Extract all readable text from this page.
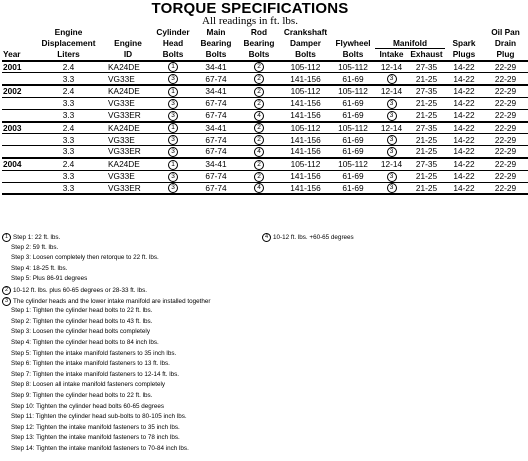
TORQUE SPECIFICATIONS
All readings in ft. lbs.
	Engine		Cylinder	Main	Rod	Crankshaft					Oil Pan
	Displacement	Engine	Head	Bearing	Bearing	Damper	Flywheel	Manifold		Spark	Drain
Year	Liters	ID	Bolts	Bolts	Bolts	Bolts	Bolts	Intake	Exhaust	Plugs	Plug
2001	2.4	KA24DE	1	34-41	2	105-112	105-112	12-14	27-35	14-22	22-29
	3.3	VG33E	3	67-74	2	141-156	61-69	3	21-25	14-22	22-29
2002	2.4	KA24DE	1	34-41	2	105-112	105-112	12-14	27-35	14-22	22-29
	3.3	VG33E	3	67-74	2	141-156	61-69	3	21-25	14-22	22-29
	3.3	VG33ER	3	67-74	4	141-156	61-69	3	21-25	14-22	22-29
2003	2.4	KA24DE	1	34-41	2	105-112	105-112	12-14	27-35	14-22	22-29
	3.3	VG33E	3	67-74	2	141-156	61-69	3	21-25	14-22	22-29
	3.3	VG33ER	3	67-74	4	141-156	61-69	3	21-25	14-22	22-29
2004	2.4	KA24DE	1	34-41	2	105-112	105-112	12-14	27-35	14-22	22-29
	3.3	VG33E	3	67-74	2	141-156	61-69	3	21-25	14-22	22-29
	3.3	VG33ER	3	67-74	4	141-156	61-69	3	21-25	14-22	22-29
1 Step 1: 22 ft. lbs.
Step 2: 59 ft. lbs.
Step 3: Loosen completely then retorque to 22 ft. lbs.
Step 4: 18-25 ft. lbs.
Step 5: Plus 86-91 degrees
2 10-12 ft. lbs. plus 60-65 degrees or 28-33 ft. lbs.
3 The cylinder heads and the lower intake manifold are installed together
Step 1: Tighten the cylinder head bolts to 22 ft. lbs.
Step 2: Tighten the cylinder head bolts to 43 ft. lbs.
Step 3: Loosen the cylinder head bolts completely
Step 4: Tighten the cylinder head bolts to 84 inch lbs.
Step 5: Tighten the intake manifold fasteners to 35 inch lbs.
Step 6: Tighten the intake manifold fasteners to 13 ft. lbs.
Step 7: Tighten the intake manifold fasteners to 12-14 ft. lbs.
Step 8: Loosen all intake manifold fasteners completely
Step 9: Tighten the cylinder head bolts to 22 ft. lbs.
Step 10: Tighten the cylinder head bolts 60-65 degrees
Step 11: Tighten the cylinder head sub-bolts to 80-105 inch lbs.
Step 12: Tighten the intake manifold fasteners to 35 inch lbs.
Step 13: Tighten the intake manifold fasteners to 78 inch lbs.
Step 14: Tighten the intake manifold fasteners to 70-84 inch lbs.
4 10-12 ft. lbs. +60-65 degrees
